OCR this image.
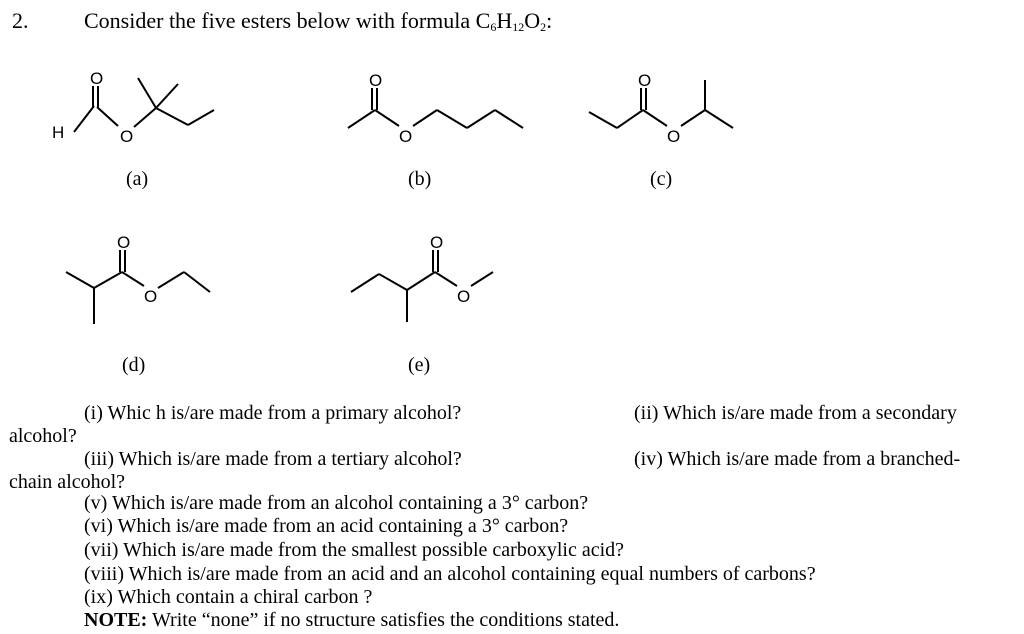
2.	Consider the five esters below with formula $C_6H_{12}O_2$:
H
O
O
(a)
O
O
(b)
O
O
(c)
O
O
(d)
O
O
(e)
(i) Whic h is/are made from a primary alcohol?	(ii) Which is/are made from a secondary
alcohol?
(iii) Which is/are made from a tertiary alcohol?	(iv) Which is/are made from a branched-
chain alcohol?
(v) Which is/are made from an alcohol containing a 3° carbon?
(vi) Which is/are made from an acid containing a 3° carbon?
(vii) Which is/are made from the smallest possible carboxylic acid?
(viii) Which is/are made from an acid and an alcohol containing equal numbers of carbons?
(ix) Which contain a chiral carbon ?
NOTE: Write “none” if no structure satisfies the conditions stated.
